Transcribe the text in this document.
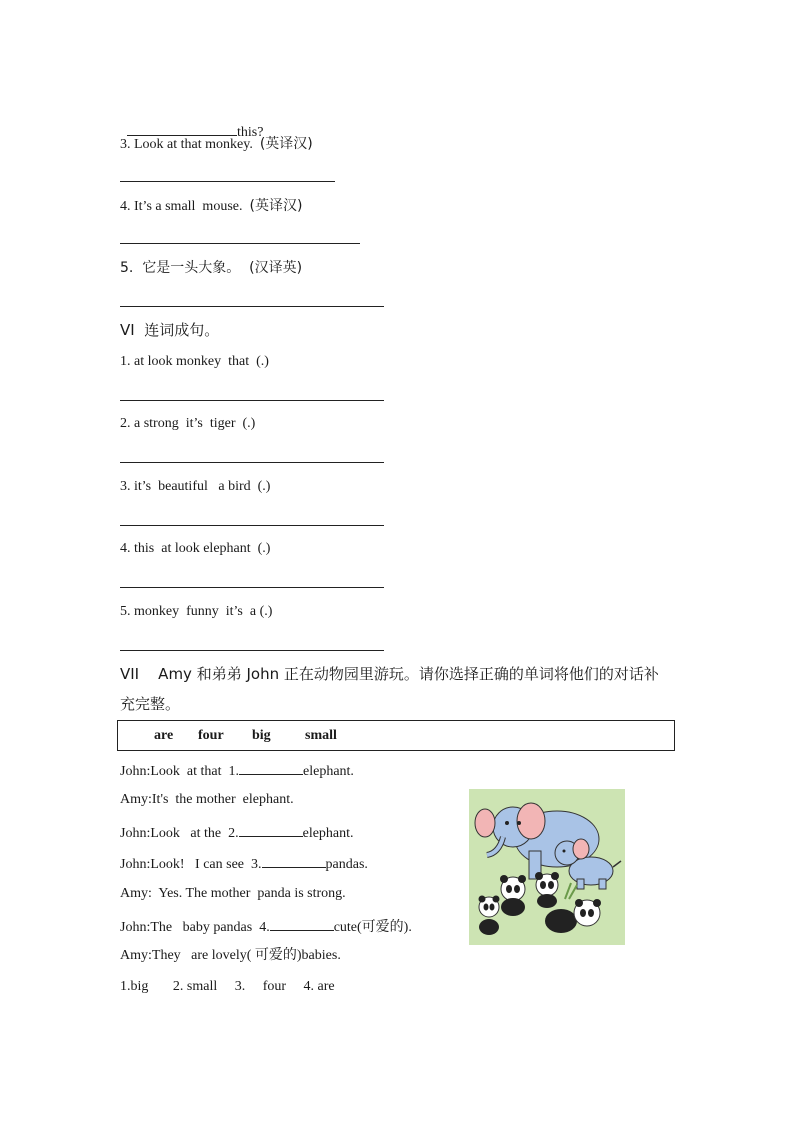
this?

3. Look at that monkey.  (英译汉)
4. It’s a small  mouse.  (英译汉)
5.  它是一头大象。  (汉译英)
VI  连词成句。
1. at look monkey  that  (.)
2. a strong  it’s  tiger  (.)
3. it’s  beautiful   a bird  (.)
4. this  at look elephant  (.)
5. monkey  funny  it’s  a (.)
VII    Amy 和弟弟 John 正在动物园里游玩。请你选择正确的单词将他们的对话补
充完整。
are four big small
John:Look  at that  1.	elephant.
Amy:It's  the mother  elephant.
John:Look   at the  2.	elephant.
John:Look!   I can see  3.	pandas.
Amy:  Yes. The mother  panda is strong.
John:The   baby pandas  4.	cute(可爱的).
Amy:They   are lovely( 可爱的)babies.
1.big       2. small     3.     four     4. are
